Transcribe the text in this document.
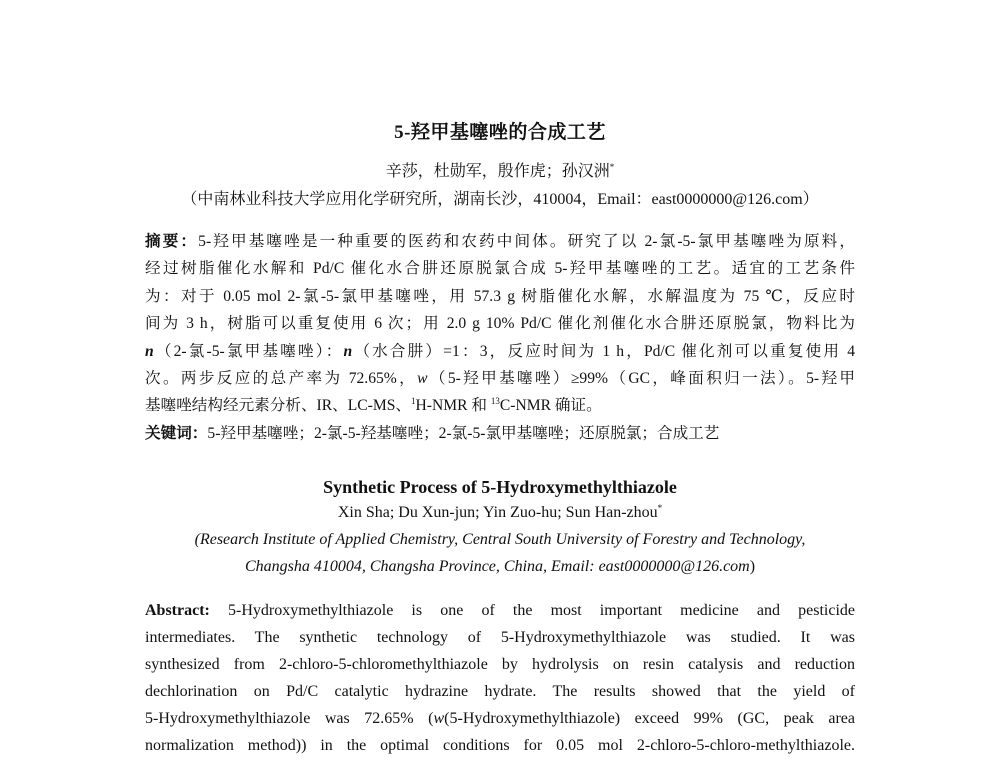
5-羟甲基噻唑的合成工艺
辛莎，杜勋军，殷作虎；孙汉洲*
（中南林业科技大学应用化学研究所，湖南长沙，410004，Email：east0000000@126.com）
摘要：5-羟甲基噻唑是一种重要的医药和农药中间体。研究了以 2-氯-5-氯甲基噻唑为原料，
经过树脂催化水解和 Pd/C 催化水合肼还原脱氯合成 5-羟甲基噻唑的工艺。适宜的工艺条件
为：对于 0.05 mol 2-氯-5-氯甲基噻唑，用 57.3 g 树脂催化水解，水解温度为 75 ℃，反应时
间为 3 h，树脂可以重复使用 6 次；用 2.0 g 10% Pd/C 催化剂催化水合肼还原脱氯，物料比为
n（2-氯-5-氯甲基噻唑）：n（水合肼）=1：3，反应时间为 1 h，Pd/C 催化剂可以重复使用 4
次。两步反应的总产率为 72.65%，w（5-羟甲基噻唑）≥99%（GC，峰面积归一法）。5-羟甲
基噻唑结构经元素分析、IR、LC-MS、$^1$H-NMR 和 $^{13}$C-NMR 确证。
关键词：5-羟甲基噻唑；2-氯-5-羟基噻唑；2-氯-5-氯甲基噻唑；还原脱氯；合成工艺
Synthetic Process of 5-Hydroxymethylthiazole
Xin Sha; Du Xun-jun; Yin Zuo-hu; Sun Han-zhou*
(Research Institute of Applied Chemistry, Central South University of Forestry and Technology,
Changsha 410004, Changsha Province, China, Email: east0000000@126.com)
Abstract: 5-Hydroxymethylthiazole is one of the most important medicine and pesticide
intermediates. The synthetic technology of 5-Hydroxymethylthiazole was studied. It was
synthesized from 2-chloro-5-chloromethylthiazole by hydrolysis on resin catalysis and reduction
dechlorination on Pd/C catalytic hydrazine hydrate. The results showed that the yield of
5-Hydroxymethylthiazole was 72.65% (w(5-Hydroxymethylthiazole) exceed 99% (GC, peak area
normalization method)) in the optimal conditions for 0.05 mol 2-chloro-5-chloro-methylthiazole.
